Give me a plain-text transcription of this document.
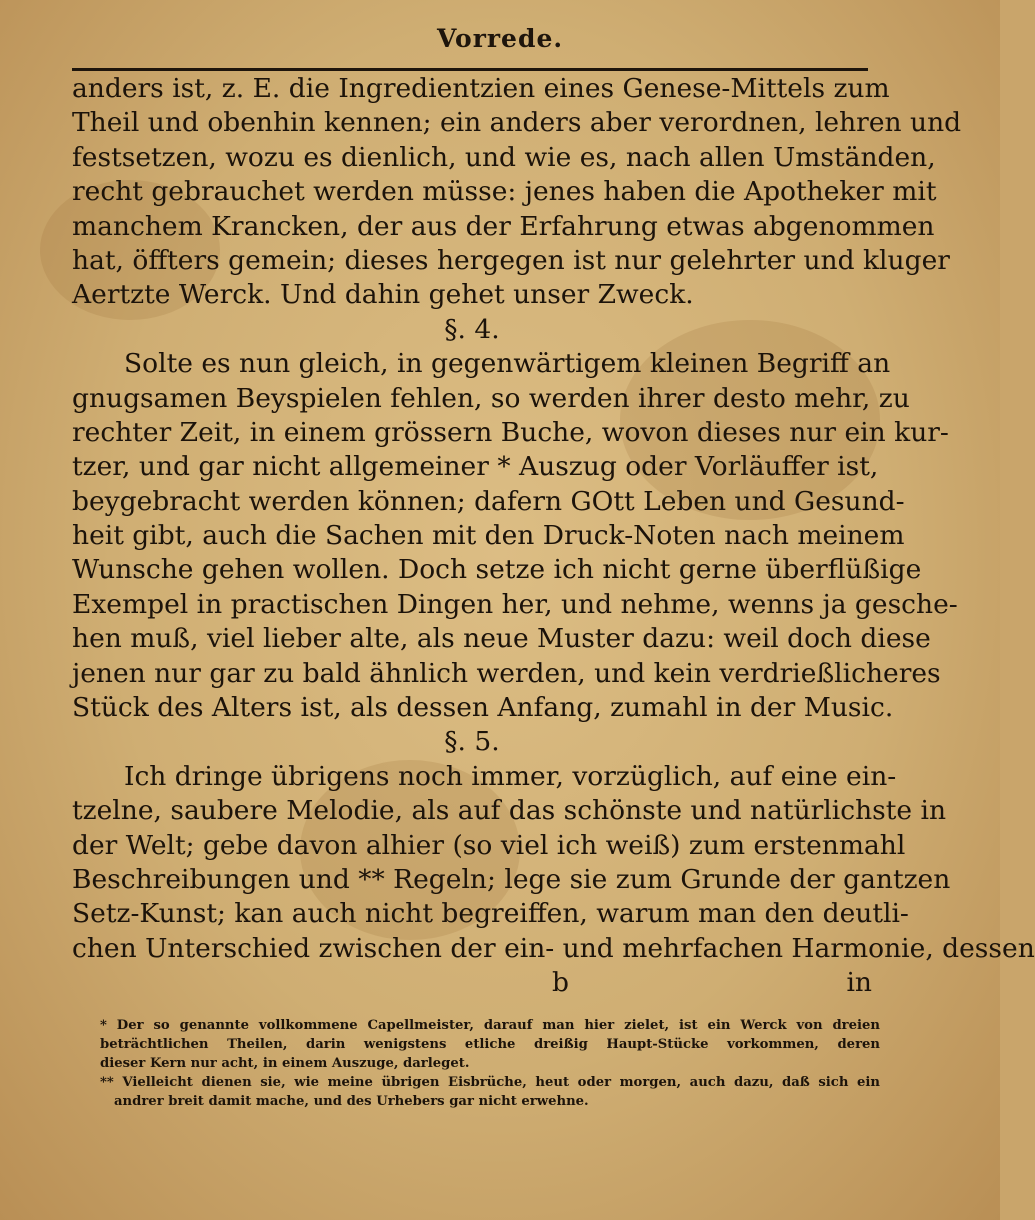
Vorrede.
anders ist, z. E. die Ingredientzien eines Genese-Mittels zum
Theil und obenhin kennen; ein anders aber verordnen, lehren und
festsetzen, wozu es dienlich, und wie es, nach allen Umständen,
recht gebrauchet werden müsse: jenes haben die Apotheker mit
manchem Krancken, der aus der Erfahrung etwas abgenommen
hat, öffters gemein; dieses hergegen ist nur gelehrter und kluger
Aertzte Werck. Und dahin gehet unser Zweck.
§. 4.
Solte es nun gleich, in gegenwärtigem kleinen Begriff an
gnugsamen Beyspielen fehlen, so werden ihrer desto mehr, zu
rechter Zeit, in einem grössern Buche, wovon dieses nur ein kur-
tzer, und gar nicht allgemeiner * Auszug oder Vorläuffer ist,
beygebracht werden können; dafern GOtt Leben und Gesund-
heit gibt, auch die Sachen mit den Druck-Noten nach meinem
Wunsche gehen wollen. Doch setze ich nicht gerne überflüßige
Exempel in practischen Dingen her, und nehme, wenns ja gesche-
hen muß, viel lieber alte, als neue Muster dazu: weil doch diese
jenen nur gar zu bald ähnlich werden, und kein verdrießlicheres
Stück des Alters ist, als dessen Anfang, zumahl in der Music.
§. 5.
Ich dringe übrigens noch immer, vorzüglich, auf eine ein-
tzelne, saubere Melodie, als auf das schönste und natürlichste in
der Welt; gebe davon alhier (so viel ich weiß) zum erstenmahl
Beschreibungen und ** Regeln; lege sie zum Grunde der gantzen
Setz-Kunst; kan auch nicht begreiffen, warum man den deutli-
chen Unterschied zwischen der ein- und mehrfachen Harmonie, dessen
b	in
* Der so genannte vollkommene Capellmeister, darauf man hier zielet, ist ein Werck von dreien
beträchtlichen Theilen, darin wenigstens etliche dreißig Haupt-Stücke vorkommen, deren
dieser Kern nur acht, in einem Auszuge, darleget.
** Vielleicht dienen sie, wie meine übrigen Eisbrüche, heut oder morgen, auch dazu, daß sich ein
andrer breit damit mache, und des Urhebers gar nicht erwehne.
